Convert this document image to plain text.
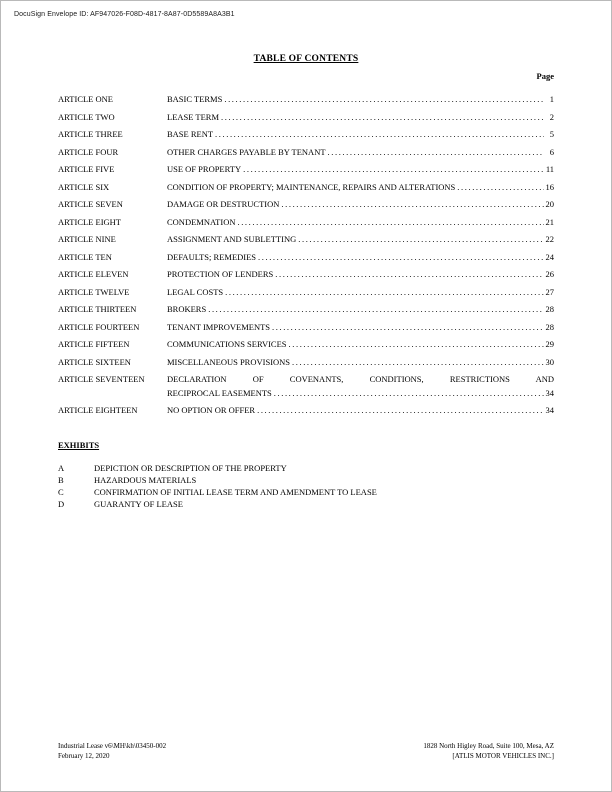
DocuSign Envelope ID: AF947026-F08D-4817-8A87-0D5589A8A3B1
TABLE OF CONTENTS
Page
ARTICLE ONE	BASIC TERMS .....	1
ARTICLE TWO	LEASE TERM .....	2
ARTICLE THREE	BASE RENT .....	5
ARTICLE FOUR	OTHER CHARGES PAYABLE BY TENANT .....	6
ARTICLE FIVE	USE OF PROPERTY .....	11
ARTICLE SIX	CONDITION OF PROPERTY; MAINTENANCE, REPAIRS AND ALTERATIONS .....	16
ARTICLE SEVEN	DAMAGE OR DESTRUCTION .....	20
ARTICLE EIGHT	CONDEMNATION .....	21
ARTICLE NINE	ASSIGNMENT AND SUBLETTING .....	22
ARTICLE TEN	DEFAULTS; REMEDIES .....	24
ARTICLE ELEVEN	PROTECTION OF LENDERS .....	26
ARTICLE TWELVE	LEGAL COSTS .....	27
ARTICLE THIRTEEN	BROKERS .....	28
ARTICLE FOURTEEN	TENANT IMPROVEMENTS .....	28
ARTICLE FIFTEEN	COMMUNICATIONS SERVICES .....	29
ARTICLE SIXTEEN	MISCELLANEOUS PROVISIONS .....	30
ARTICLE SEVENTEEN	DECLARATION OF COVENANTS, CONDITIONS, RESTRICTIONS AND
RECIPROCAL EASEMENTS .....	34
ARTICLE EIGHTEEN	NO OPTION OR OFFER .....	34
EXHIBITS
A	DEPICTION OR DESCRIPTION OF THE PROPERTY
B	HAZARDOUS MATERIALS
C	CONFIRMATION OF INITIAL LEASE TERM AND AMENDMENT TO LEASE
D	GUARANTY OF LEASE
Industrial Lease v6\MH\kh\03450-002
February 12, 2020
1828 North Higley Road, Suite 100, Mesa, AZ
[ATLIS MOTOR VEHICLES INC.]
